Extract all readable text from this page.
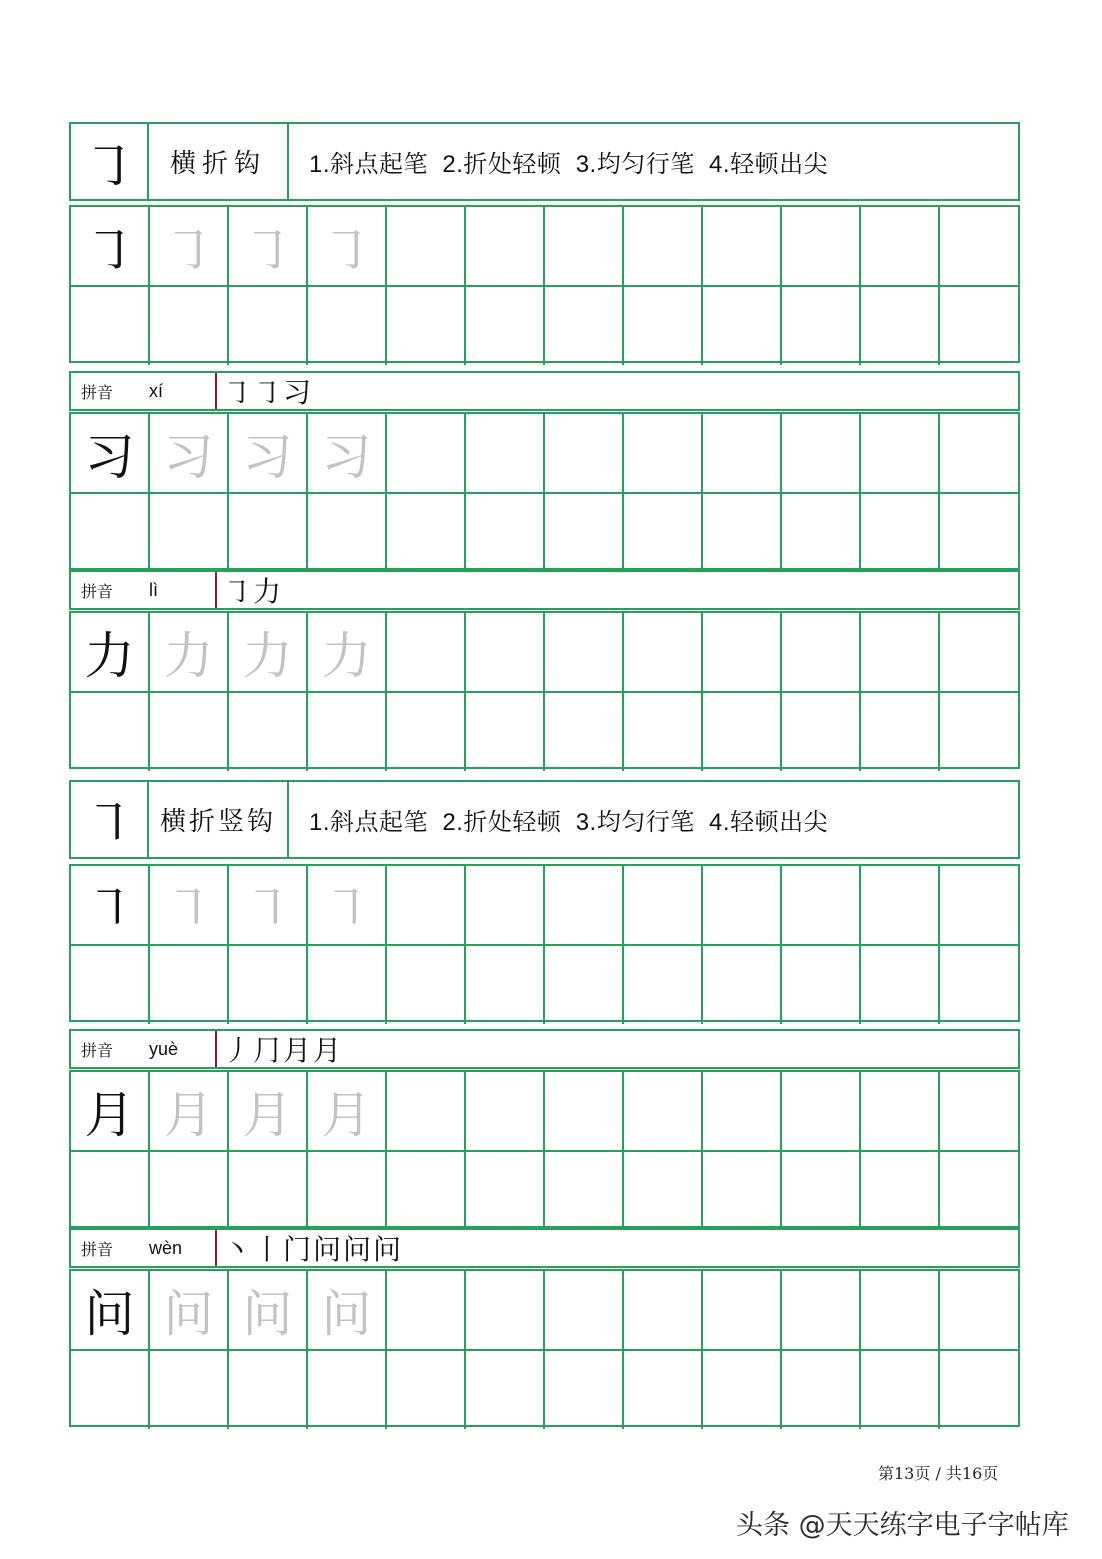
㇆	横折钩	1.斜点起笔  2.折处轻顿  3.均匀行笔  4.轻顿出尖
㇆ ㇆ ㇆ ㇆
拼音	xí	㇆㇆习
习 习 习 习
拼音	lì	㇆力
力 力 力 力
㇕ 横折竖钩	1.斜点起笔  2.折处轻顿  3.均匀行笔  4.轻顿出尖
㇕ ㇕ ㇕ ㇕
拼音	yuè	丿⺆月月
月 月 月 月
拼音	wèn	丶丨门问问问
问 问 问 问
第13页 / 共16页
头条 @天天练字电子字帖库
